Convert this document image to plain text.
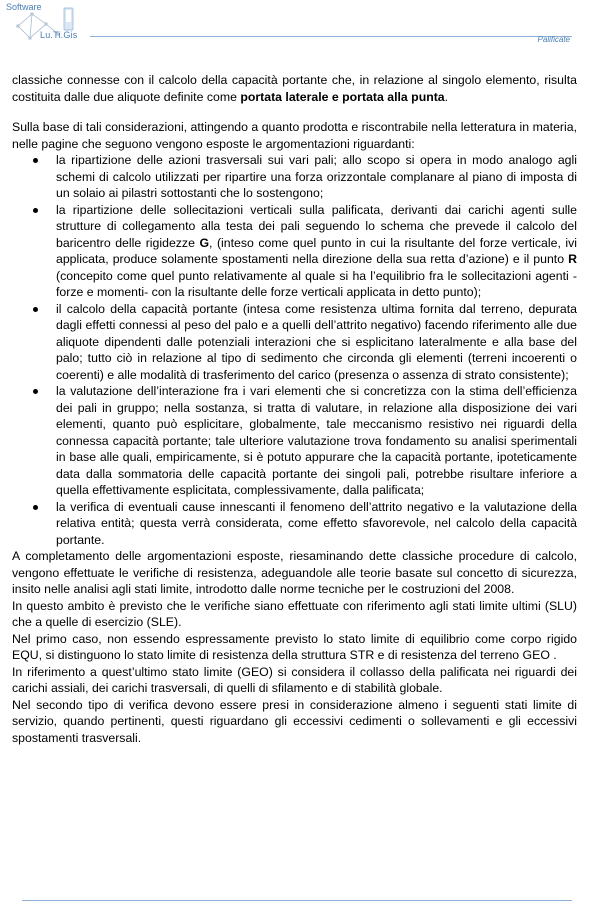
Software
Lu.Ti.Gis	Palificate

classiche connesse con il calcolo della capacità portante che, in relazione al singolo elemento, risulta costituita dalle due aliquote definite come portata laterale e portata alla punta.

Sulla base di tali considerazioni, attingendo a quanto prodotta e riscontrabile nella letteratura in materia, nelle pagine che seguono vengono esposte le argomentazioni riguardanti:

la ripartizione delle azioni trasversali sui vari pali; allo scopo si opera in modo analogo agli schemi di calcolo utilizzati per ripartire una forza orizzontale complanare al piano di imposta di un solaio ai pilastri sottostanti che lo sostengono;
la ripartizione delle sollecitazioni verticali sulla palificata, derivanti dai carichi agenti sulle strutture di collegamento alla testa dei pali seguendo lo schema che prevede il calcolo del baricentro delle rigidezze G, (inteso come quel punto in cui la risultante del forze verticale, ivi applicata, produce solamente spostamenti nella direzione della sua retta d’azione) e il punto R (concepito come quel punto relativamente al quale si ha l’equilibrio fra le sollecitazioni agenti -forze e momenti- con la risultante delle forze verticali applicata in detto punto);
il calcolo della capacità portante (intesa come resistenza ultima fornita dal terreno, depurata dagli effetti connessi al peso del palo e a quelli dell’attrito negativo) facendo riferimento alle due aliquote dipendenti dalle potenziali interazioni che si esplicitano lateralmente e alla base del palo; tutto ciò in relazione al tipo di sedimento che circonda gli elementi (terreni incoerenti o coerenti) e alle modalità di trasferimento del carico (presenza o assenza di strato consistente);
la valutazione dell’interazione fra i vari elementi che si concretizza con la stima dell’efficienza dei pali in gruppo; nella sostanza, si tratta di valutare, in relazione alla disposizione dei vari elementi, quanto può esplicitare, globalmente, tale meccanismo resistivo nei riguardi della connessa capacità portante; tale ulteriore valutazione trova fondamento su analisi sperimentali in base alle quali, empiricamente, si è potuto appurare che la capacità portante, ipoteticamente data dalla sommatoria delle capacità portante dei singoli pali, potrebbe risultare inferiore a quella effettivamente esplicitata, complessivamente, dalla palificata;
la verifica di eventuali cause innescanti il fenomeno dell’attrito negativo e la valutazione della relativa entità; questa verrà considerata, come effetto sfavorevole, nel calcolo della capacità portante.

A completamento delle argomentazioni esposte, riesaminando dette classiche procedure di calcolo, vengono effettuate le verifiche di resistenza, adeguandole alle teorie basate sul concetto di sicurezza, insito nelle analisi agli stati limite, introdotto dalle norme tecniche per le costruzioni del 2008.

In questo ambito è previsto che le verifiche siano effettuate con riferimento agli stati limite ultimi (SLU) che a quelle di esercizio (SLE).

Nel primo caso, non essendo espressamente previsto lo stato limite di equilibrio come corpo rigido EQU, si distinguono lo stato limite di resistenza della struttura STR e di resistenza del terreno GEO .

In riferimento a quest’ultimo stato limite (GEO) si considera il collasso della palificata nei riguardi dei carichi assiali, dei carichi trasversali, di quelli di sfilamento e di stabilità globale.

Nel secondo tipo di verifica devono essere presi in considerazione almeno i seguenti stati limite di servizio, quando pertinenti, questi riguardano gli eccessivi cedimenti o sollevamenti e gli eccessivi spostamenti trasversali.
